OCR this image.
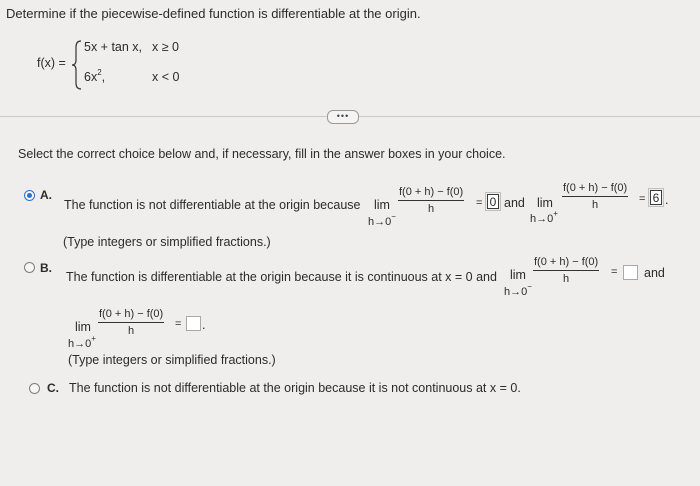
Determine if the piecewise-defined function is differentiable at the origin.
f(x) =
5x + tan x, x ≥ 0
$6x^2$,	x < 0
•••
Select the correct choice below and, if necessary, fill in the answer boxes in your choice.
A.
The function is not differentiable at the origin because lim
h→0−
f(0 + h) − f(0)
h	= 0 and lim
h→0+
f(0 + h) − f(0)
h	= 6 .
(Type integers or simplified fractions.)
B.
The function is differentiable at the origin because it is continuous at x = 0 and lim
h→0−
f(0 + h) − f(0)
h
= and
lim
h→0+
f(0 + h) − f(0)
h
= .
(Type integers or simplified fractions.)
C. The function is not differentiable at the origin because it is not continuous at x = 0.
